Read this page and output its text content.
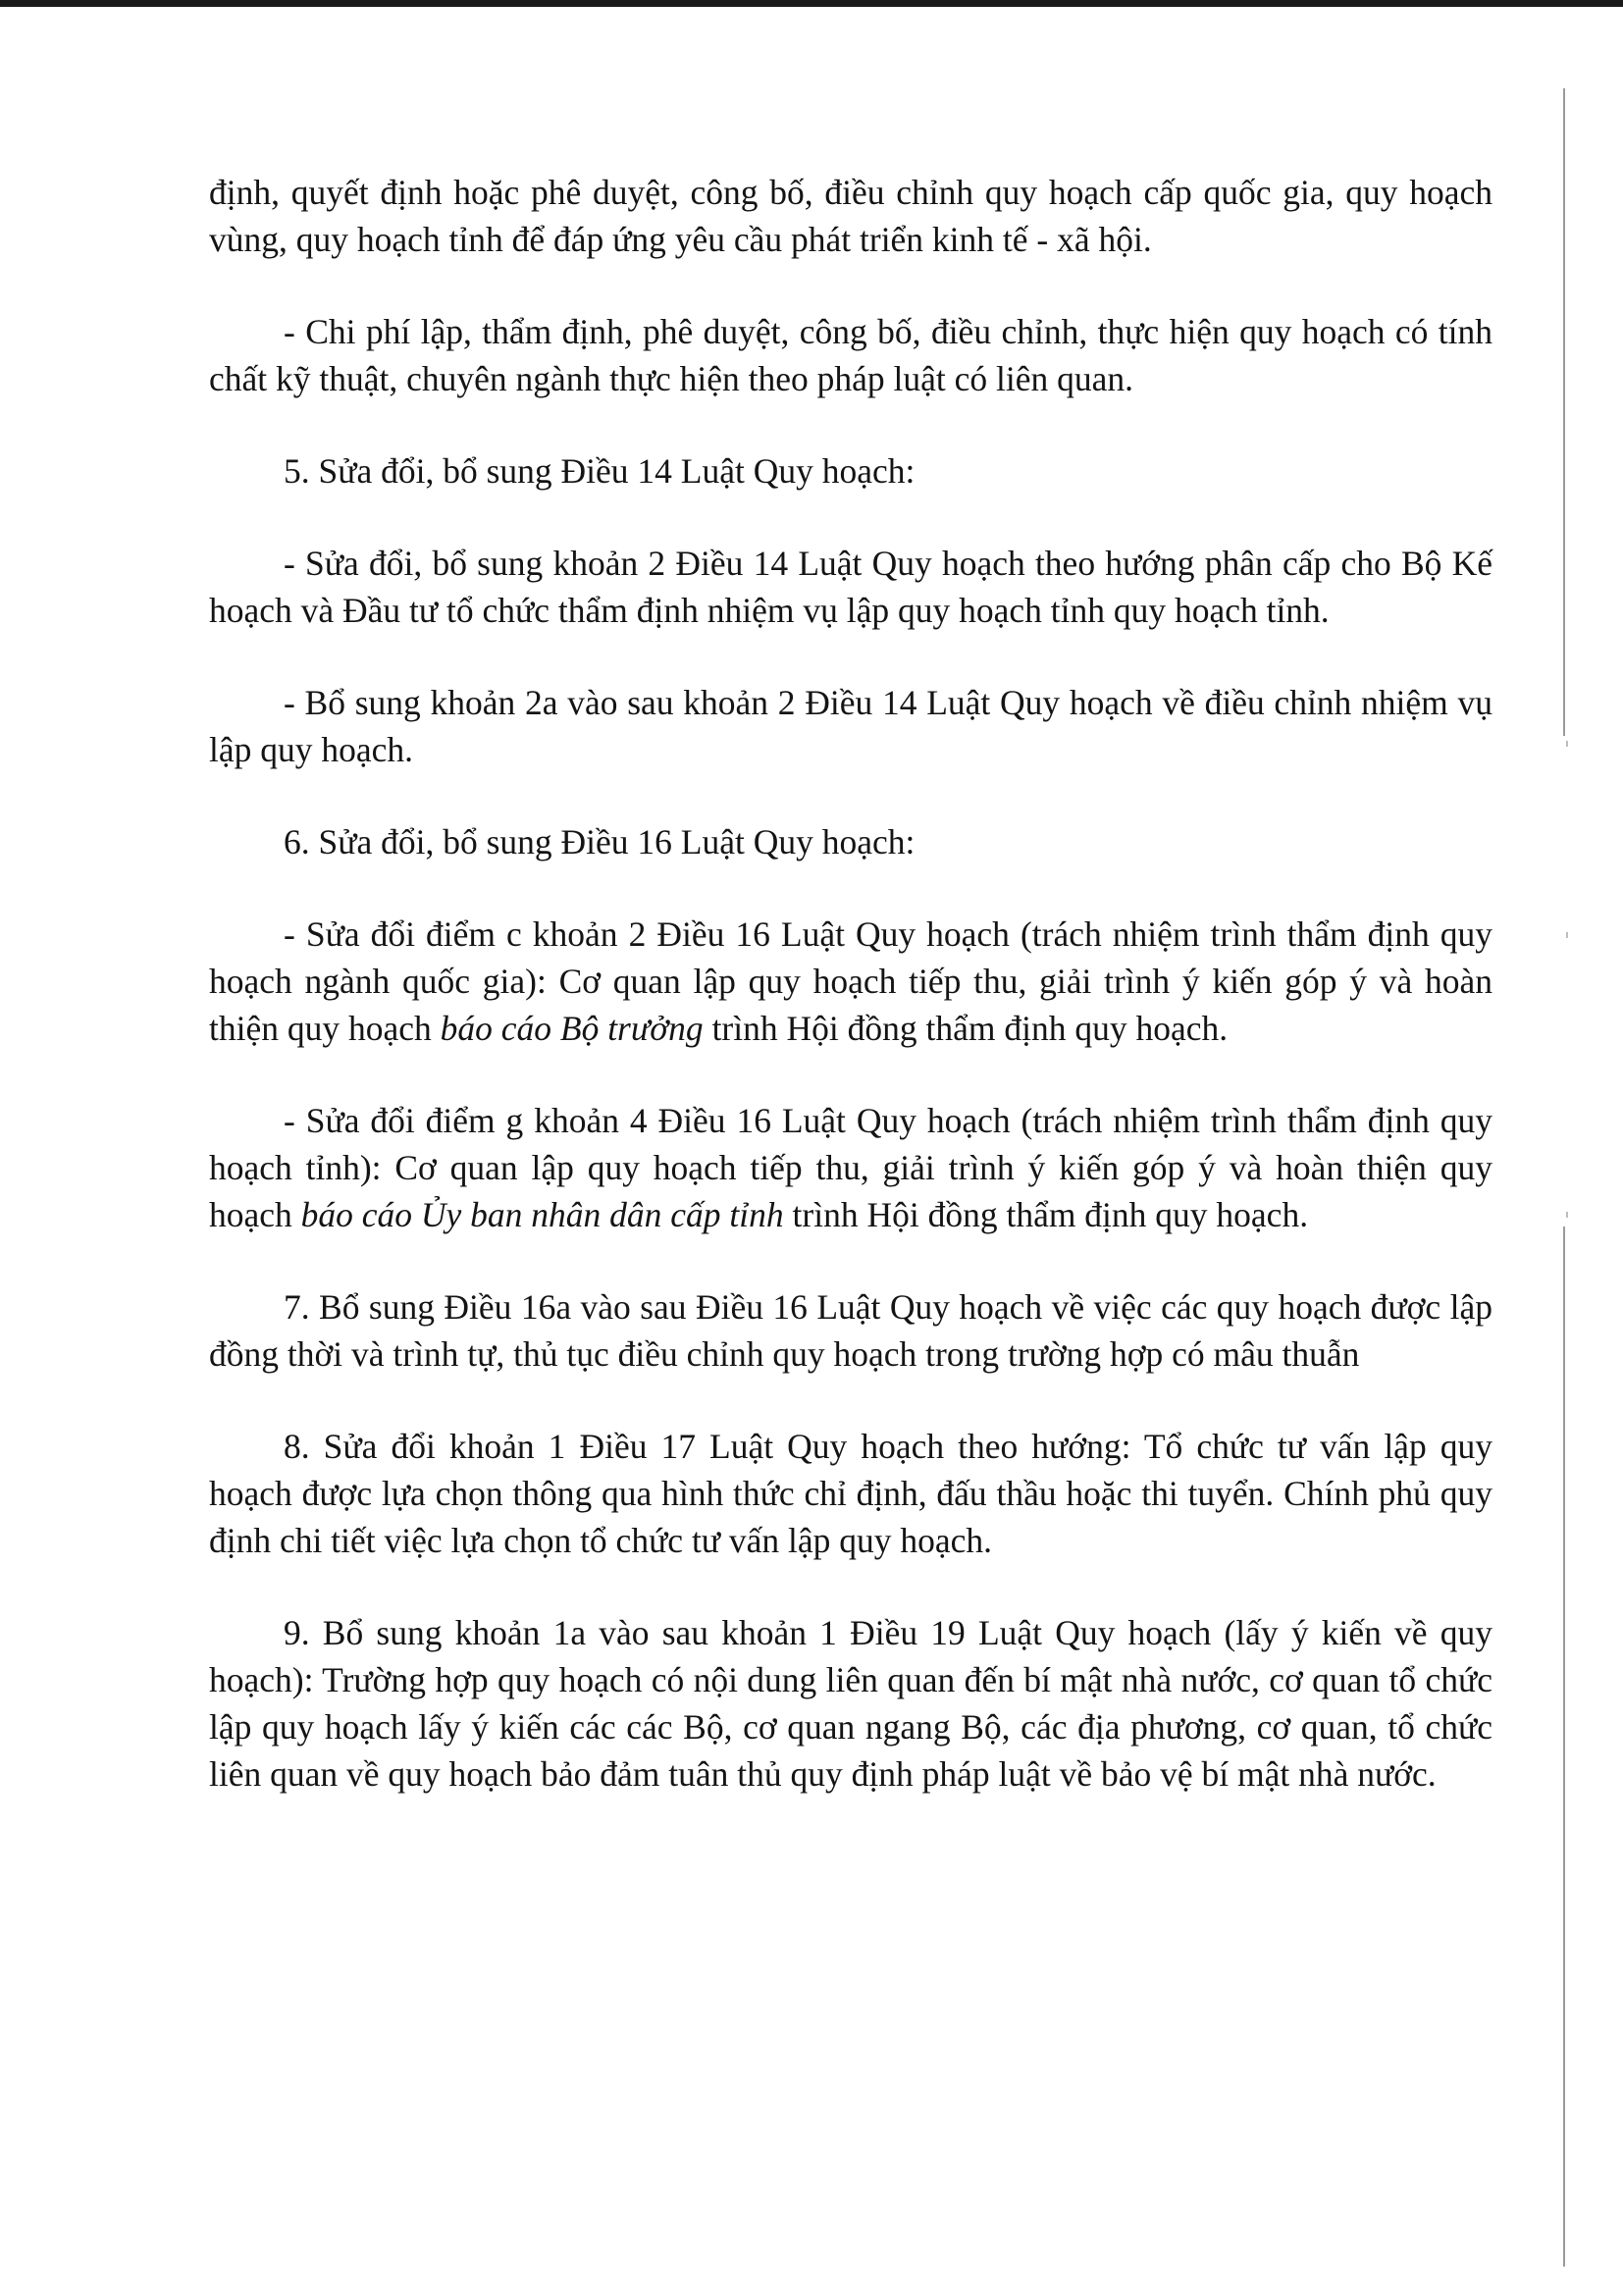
định, quyết định hoặc phê duyệt, công bố, điều chỉnh quy hoạch cấp quốc gia, quy hoạch vùng, quy hoạch tỉnh để đáp ứng yêu cầu phát triển kinh tế - xã hội.

- Chi phí lập, thẩm định, phê duyệt, công bố, điều chỉnh, thực hiện quy hoạch có tính chất kỹ thuật, chuyên ngành thực hiện theo pháp luật có liên quan.

5. Sửa đổi, bổ sung Điều 14 Luật Quy hoạch:

- Sửa đổi, bổ sung khoản 2 Điều 14 Luật Quy hoạch theo hướng phân cấp cho Bộ Kế hoạch và Đầu tư tổ chức thẩm định nhiệm vụ lập quy hoạch tỉnh quy hoạch tỉnh.

- Bổ sung khoản 2a vào sau khoản 2 Điều 14 Luật Quy hoạch về điều chỉnh nhiệm vụ lập quy hoạch.

6. Sửa đổi, bổ sung Điều 16 Luật Quy hoạch:

- Sửa đổi điểm c khoản 2 Điều 16 Luật Quy hoạch (trách nhiệm trình thẩm định quy hoạch ngành quốc gia): Cơ quan lập quy hoạch tiếp thu, giải trình ý kiến góp ý và hoàn thiện quy hoạch báo cáo Bộ trưởng trình Hội đồng thẩm định quy hoạch.

- Sửa đổi điểm g khoản 4 Điều 16 Luật Quy hoạch (trách nhiệm trình thẩm định quy hoạch tỉnh): Cơ quan lập quy hoạch tiếp thu, giải trình ý kiến góp ý và hoàn thiện quy hoạch báo cáo Ủy ban nhân dân cấp tỉnh trình Hội đồng thẩm định quy hoạch.

7. Bổ sung Điều 16a vào sau Điều 16 Luật Quy hoạch về việc các quy hoạch được lập đồng thời và trình tự, thủ tục điều chỉnh quy hoạch trong trường hợp có mâu thuẫn

8. Sửa đổi khoản 1 Điều 17 Luật Quy hoạch theo hướng: Tổ chức tư vấn lập quy hoạch được lựa chọn thông qua hình thức chỉ định, đấu thầu hoặc thi tuyển. Chính phủ quy định chi tiết việc lựa chọn tổ chức tư vấn lập quy hoạch.

9. Bổ sung khoản 1a vào sau khoản 1 Điều 19 Luật Quy hoạch (lấy ý kiến về quy hoạch): Trường hợp quy hoạch có nội dung liên quan đến bí mật nhà nước, cơ quan tổ chức lập quy hoạch lấy ý kiến các các Bộ, cơ quan ngang Bộ, các địa phương, cơ quan, tổ chức liên quan về quy hoạch bảo đảm tuân thủ quy định pháp luật về bảo vệ bí mật nhà nước.
